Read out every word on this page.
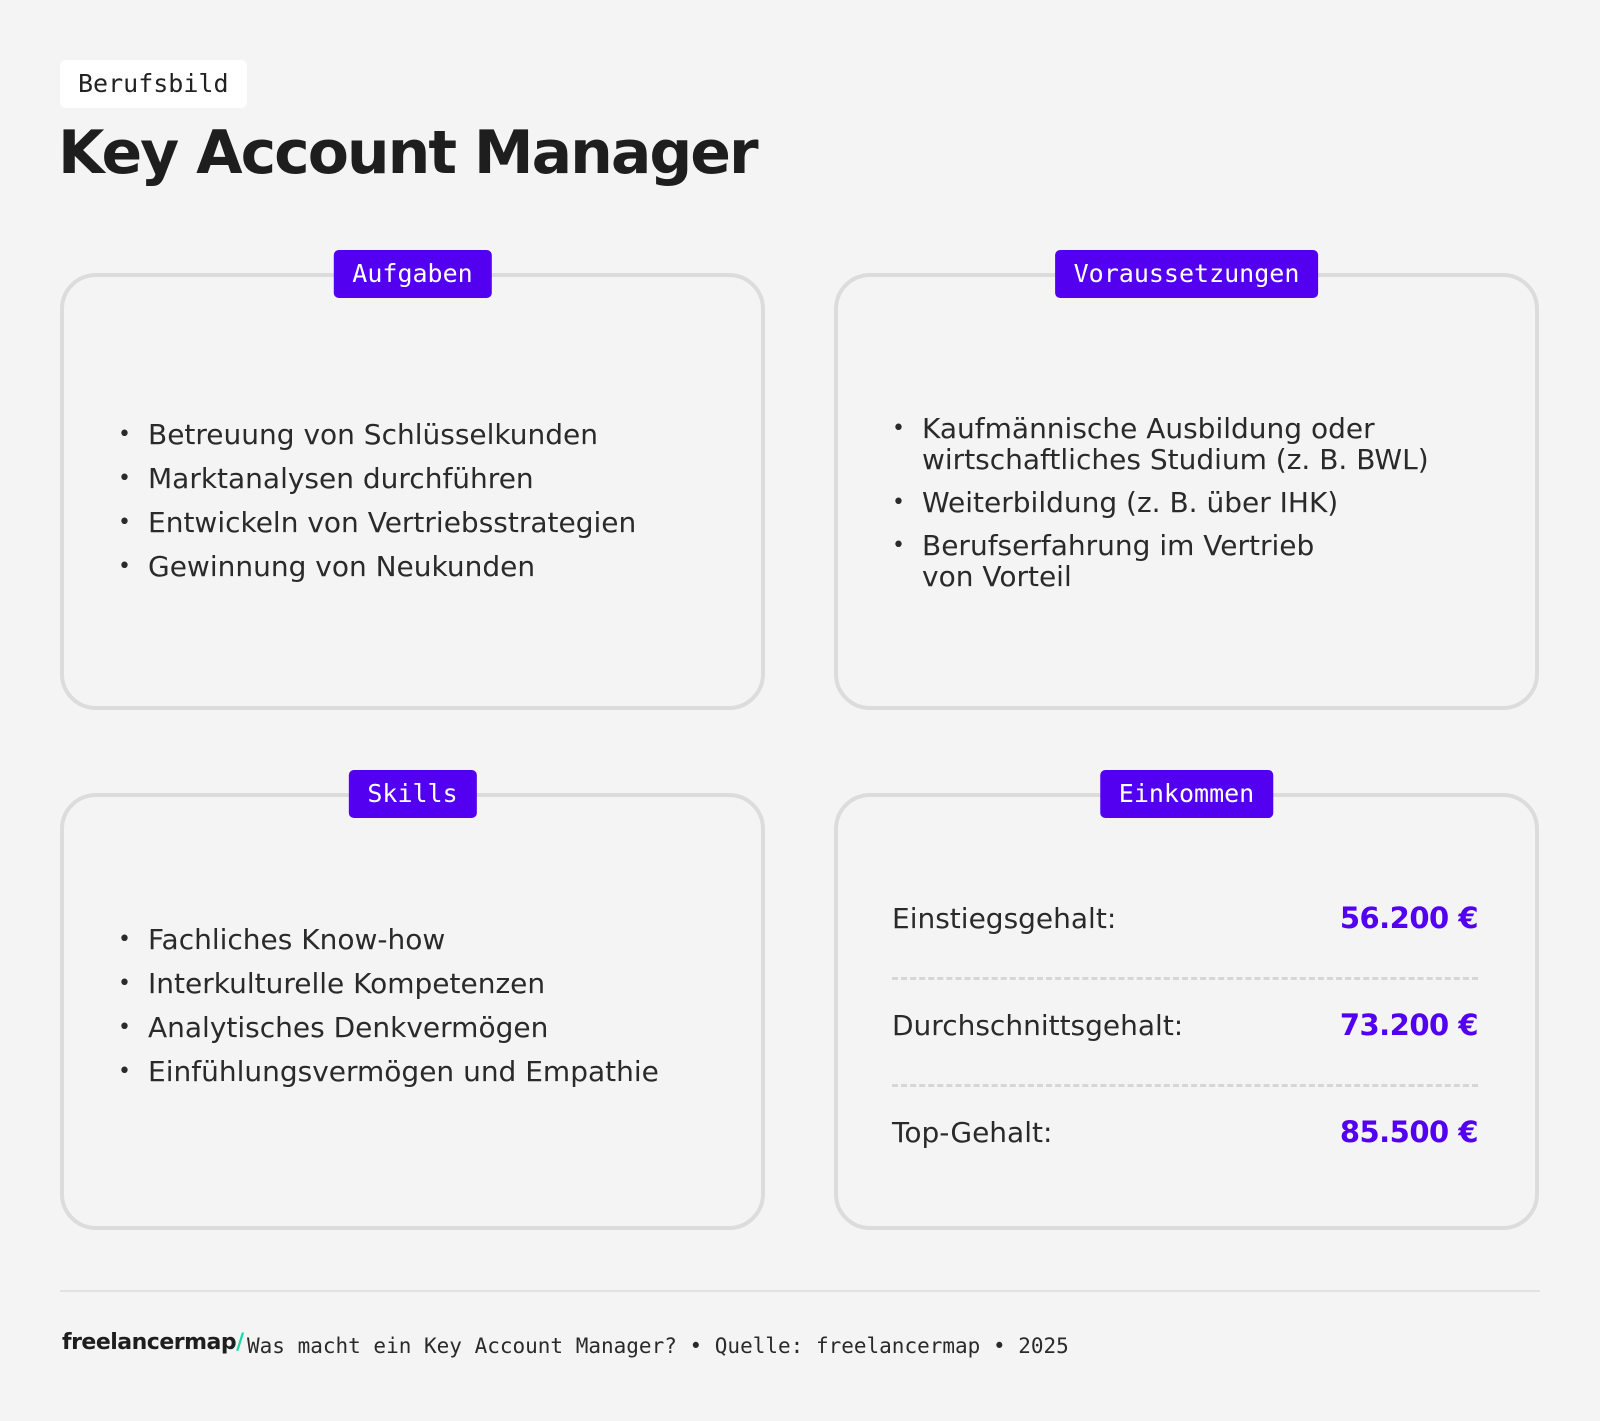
Berufsbild
Key Account Manager
Aufgaben
• Betreuung von Schlüsselkunden
• Marktanalysen durchführen
• Entwickeln von Vertriebsstrategien
• Gewinnung von Neukunden
Voraussetzungen
• Kaufmännische Ausbildung oder
wirtschaftliches Studium (z. B. BWL)
• Weiterbildung (z. B. über IHK)
• Berufserfahrung im Vertrieb
von Vorteil
Skills
• Fachliches Know-how
• Interkulturelle Kompetenzen
• Analytisches Denkvermögen
• Einfühlungsvermögen und Empathie
Einkommen
Einstiegsgehalt:	56.200 €
Durchschnittsgehalt:	73.200 €
Top-Gehalt:	85.500 €
freelancermap/ Was macht ein Key Account Manager? • Quelle: freelancermap • 2025
